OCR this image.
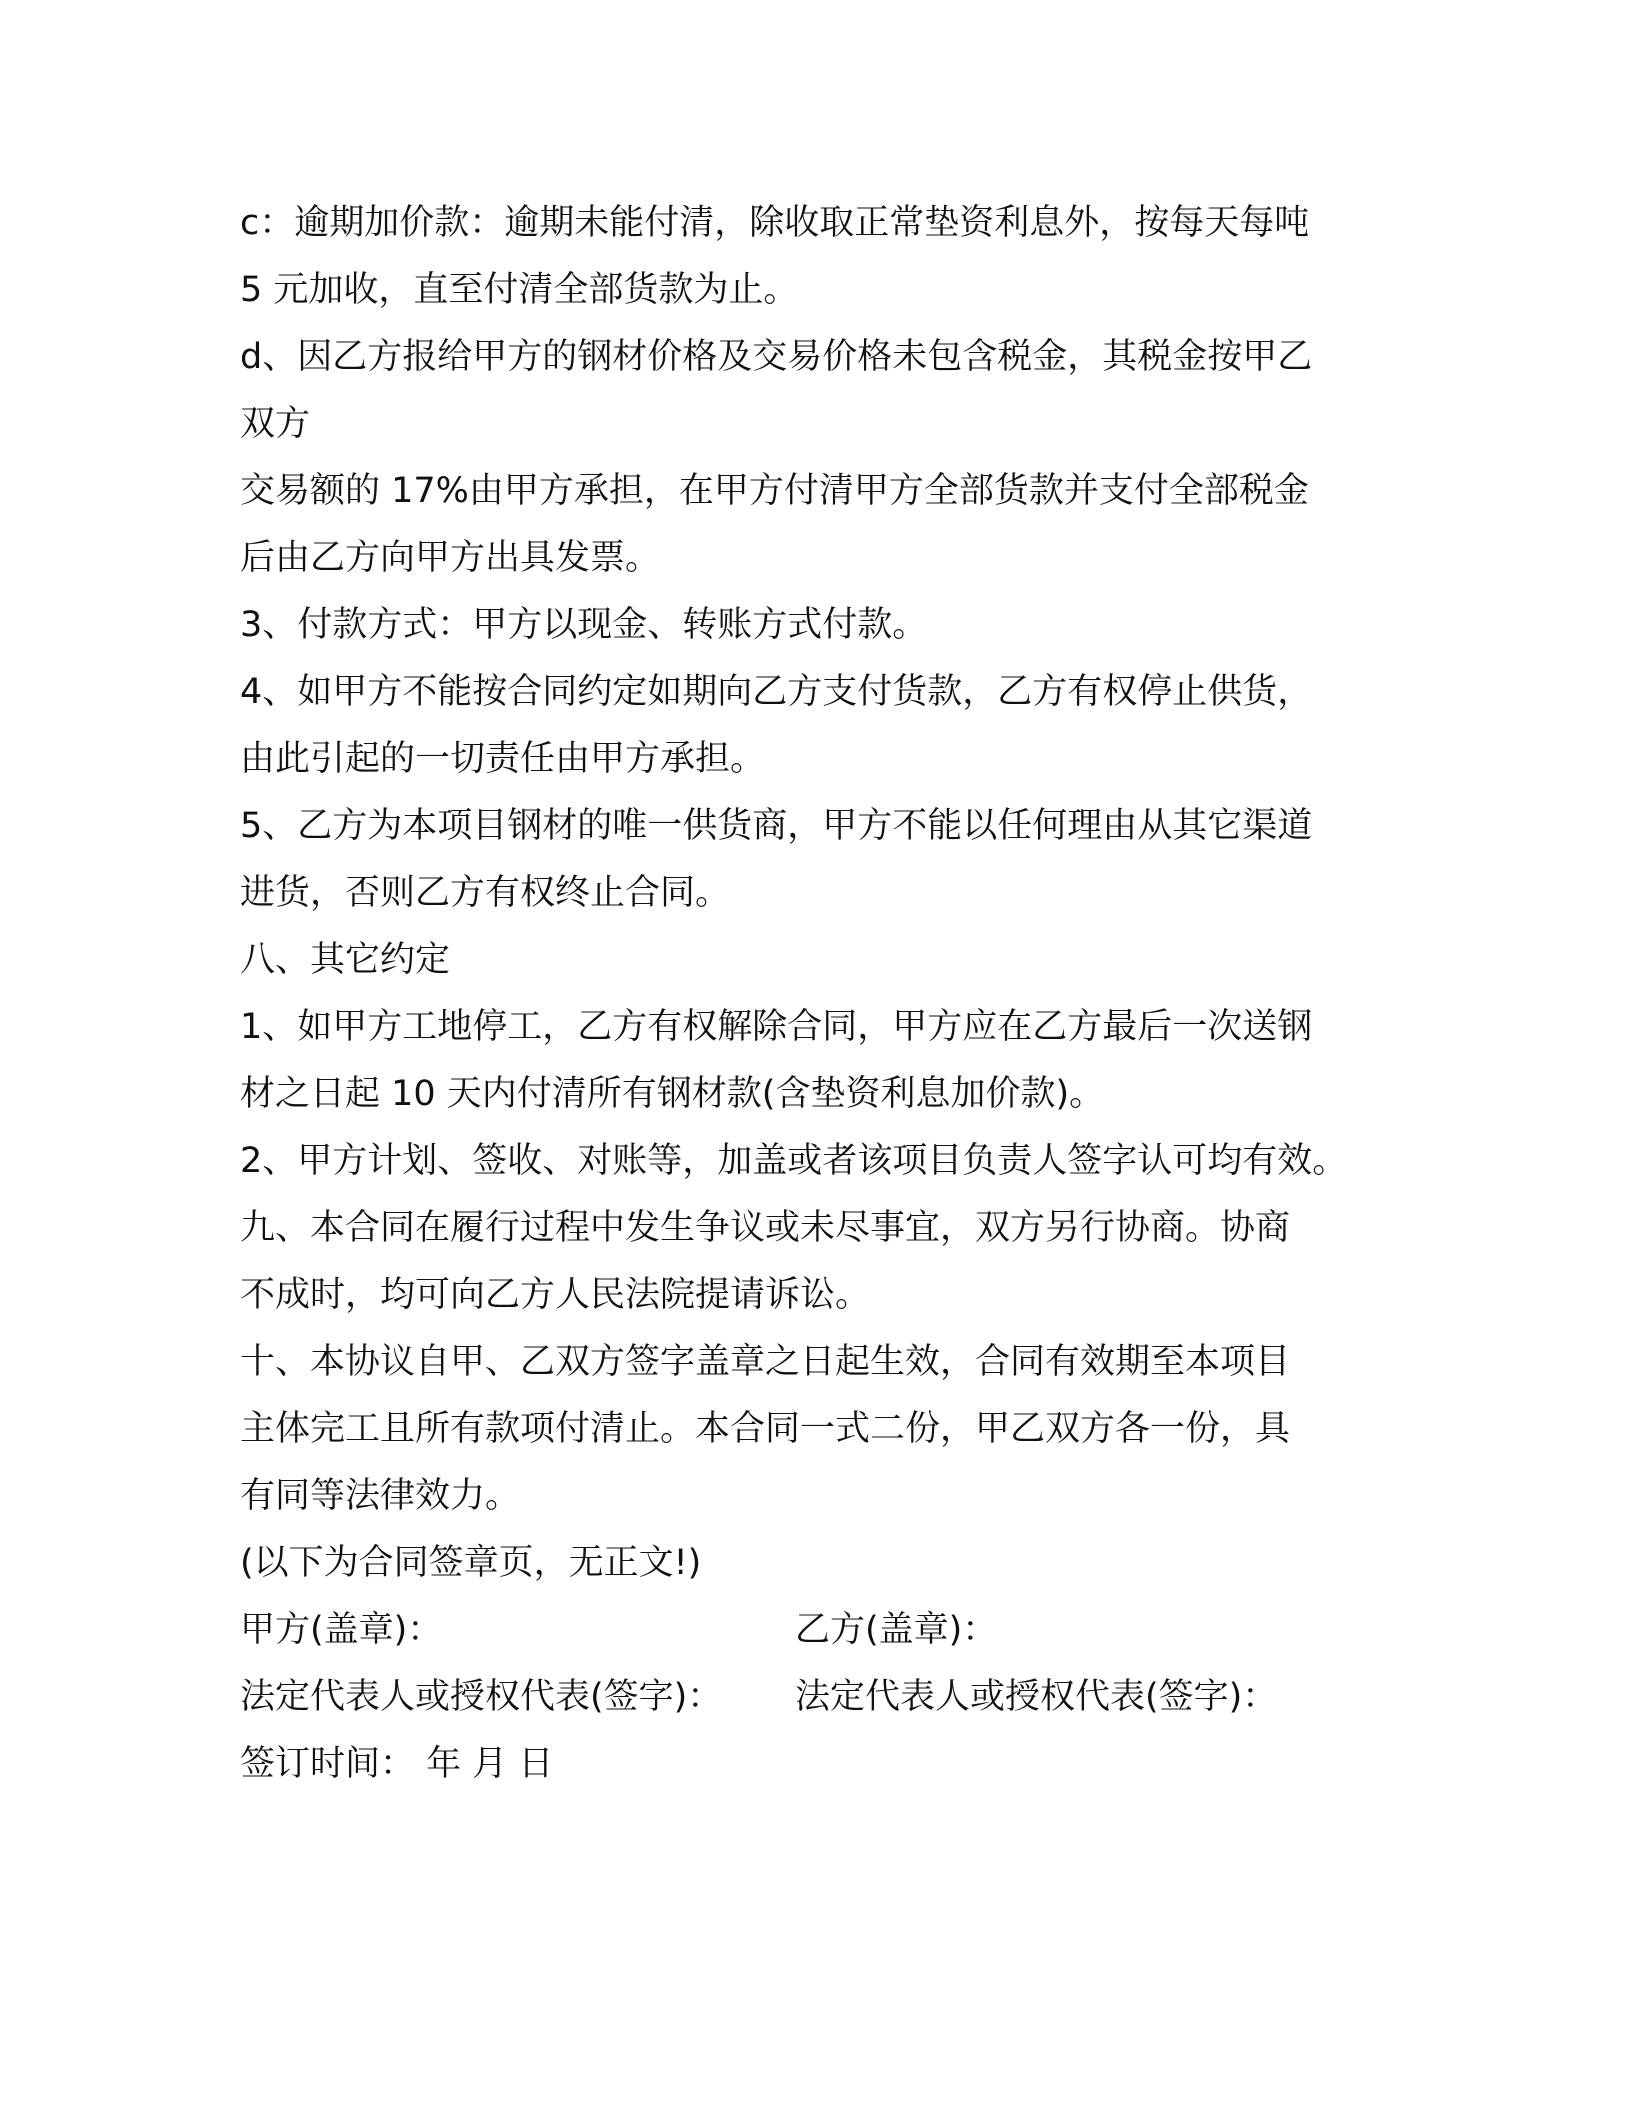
c：逾期加价款：逾期未能付清，除收取正常垫资利息外，按每天每吨
5 元加收，直至付清全部货款为止。
d、因乙方报给甲方的钢材价格及交易价格未包含税金，其税金按甲乙
双方
交易额的 17%由甲方承担，在甲方付清甲方全部货款并支付全部税金
后由乙方向甲方出具发票。
3、付款方式：甲方以现金、转账方式付款。
4、如甲方不能按合同约定如期向乙方支付货款，乙方有权停止供货，
由此引起的一切责任由甲方承担。
5、乙方为本项目钢材的唯一供货商，甲方不能以任何理由从其它渠道
进货，否则乙方有权终止合同。
八、其它约定
1、如甲方工地停工，乙方有权解除合同，甲方应在乙方最后一次送钢
材之日起 10 天内付清所有钢材款(含垫资利息加价款)。
2、甲方计划、签收、对账等，加盖或者该项目负责人签字认可均有效。
九、本合同在履行过程中发生争议或未尽事宜，双方另行协商。协商
不成时，均可向乙方人民法院提请诉讼。
十、本协议自甲、乙双方签字盖章之日起生效，合同有效期至本项目
主体完工且所有款项付清止。本合同一式二份，甲乙双方各一份，具
有同等法律效力。
(以下为合同签章页，无正文!)
甲方(盖章)：	乙方(盖章)：
法定代表人或授权代表(签字)： 法定代表人或授权代表(签字)：
签订时间： 年 月 日
